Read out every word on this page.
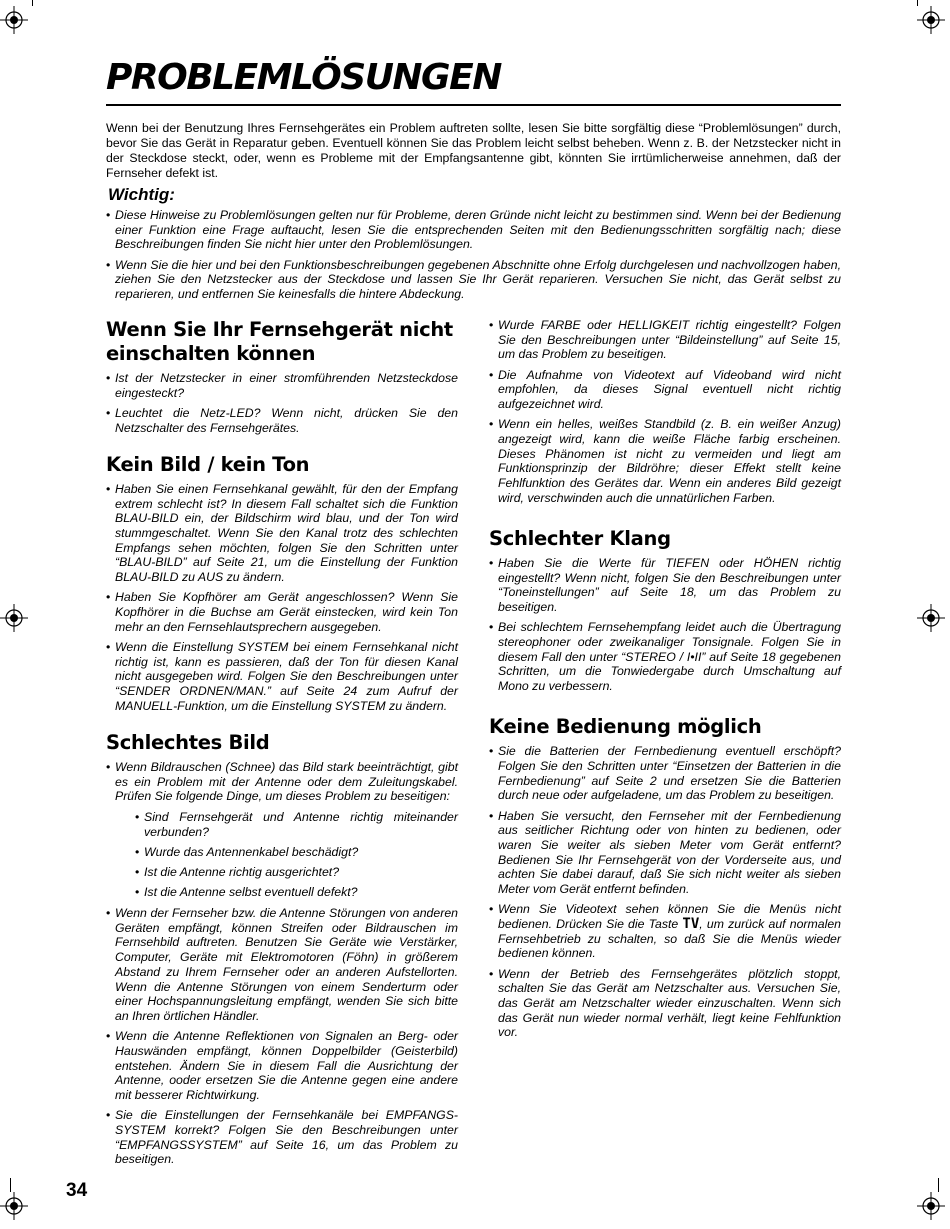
PROBLEMLÖSUNGEN

Wenn bei der Benutzung Ihres Fernsehgerätes ein Problem auftreten sollte, lesen Sie bitte sorgfältig diese “Problemlösungen” durch, bevor Sie das Gerät in Reparatur geben. Eventuell können Sie das Problem leicht selbst beheben. Wenn z. B. der Netzstecker nicht in der Steckdose steckt, oder, wenn es Probleme mit der Empfangsantenne gibt, könnten Sie irrtümlicherweise annehmen, daß der Fernseher defekt ist.

Wichtig:

• Diese Hinweise zu Problemlösungen gelten nur für Probleme, deren Gründe nicht leicht zu bestimmen sind. Wenn bei der Bedienung einer Funktion eine Frage auftaucht, lesen Sie die entsprechenden Seiten mit den Bedienungsschritten sorgfältig nach; diese Beschreibungen finden Sie nicht hier unter den Problemlösungen.
• Wenn Sie die hier und bei den Funktionsbeschreibungen gegebenen Abschnitte ohne Erfolg durchgelesen und nachvollzogen haben, ziehen Sie den Netzstecker aus der Steckdose und lassen Sie Ihr Gerät reparieren. Versuchen Sie nicht, das Gerät selbst zu reparieren, und entfernen Sie keinesfalls die hintere Abdeckung.
Wenn Sie Ihr Fernsehgerät nicht einschalten können
• Ist der Netzstecker in einer stromführenden Netzsteckdose eingesteckt?
• Leuchtet die Netz-LED? Wenn nicht, drücken Sie den Netzschalter des Fernsehgerätes.
Kein Bild / kein Ton
• Haben Sie einen Fernsehkanal gewählt, für den der Empfang extrem schlecht ist? In diesem Fall schaltet sich die Funktion BLAU-BILD ein, der Bildschirm wird blau, und der Ton wird stummgeschaltet. Wenn Sie den Kanal trotz des schlechten Empfangs sehen möchten, folgen Sie den Schritten unter “BLAU-BILD” auf Seite 21, um die Einstellung der Funktion BLAU-BILD zu AUS zu ändern.
• Haben Sie Kopfhörer am Gerät angeschlossen? Wenn Sie Kopfhörer in die Buchse am Gerät einstecken, wird kein Ton mehr an den Fernsehlautsprechern ausgegeben.
• Wenn die Einstellung SYSTEM bei einem Fernsehkanal nicht richtig ist, kann es passieren, daß der Ton für diesen Kanal nicht ausgegeben wird. Folgen Sie den Beschreibungen unter “SENDER ORDNEN/MAN.” auf Seite 24 zum Aufruf der MANUELL-Funktion, um die Einstellung SYSTEM zu ändern.
Schlechtes Bild
• Wenn Bildrauschen (Schnee) das Bild stark beeinträchtigt, gibt es ein Problem mit der Antenne oder dem Zuleitungskabel. Prüfen Sie folgende Dinge, um dieses Problem zu beseitigen:
• Sind Fernsehgerät und Antenne richtig miteinander verbunden?
• Wurde das Antennenkabel beschädigt?
• Ist die Antenne richtig ausgerichtet?
• Ist die Antenne selbst eventuell defekt?
• Wenn der Fernseher bzw. die Antenne Störungen von anderen Geräten empfängt, können Streifen oder Bildrauschen im Fernsehbild auftreten. Benutzen Sie Geräte wie Verstärker, Computer, Geräte mit Elektromotoren (Föhn) in größerem Abstand zu Ihrem Fernseher oder an anderen Aufstellorten. Wenn die Antenne Störungen von einem Senderturm oder einer Hochspannungsleitung empfängt, wenden Sie sich bitte an Ihren örtlichen Händler.
• Wenn die Antenne Reflektionen von Signalen an Berg- oder Hauswänden empfängt, können Doppelbilder (Geisterbild) entstehen. Ändern Sie in diesem Fall die Ausrichtung der Antenne, ooder ersetzen Sie die Antenne gegen eine andere mit besserer Richtwirkung.
• Sie die Einstellungen der Fernsehkanäle bei EMPFANGS-SYSTEM korrekt? Folgen Sie den Beschreibungen unter “EMPFANGSSYSTEM” auf Seite 16, um das Problem zu beseitigen.
• Wurde FARBE oder HELLIGKEIT richtig eingestellt? Folgen Sie den Beschreibungen unter “Bildeinstellung” auf Seite 15, um das Problem zu beseitigen.
• Die Aufnahme von Videotext auf Videoband wird nicht empfohlen, da dieses Signal eventuell nicht richtig aufgezeichnet wird.
• Wenn ein helles, weißes Standbild (z. B. ein weißer Anzug) angezeigt wird, kann die weiße Fläche farbig erscheinen. Dieses Phänomen ist nicht zu vermeiden und liegt am Funktionsprinzip der Bildröhre; dieser Effekt stellt keine Fehlfunktion des Gerätes dar. Wenn ein anderes Bild gezeigt wird, verschwinden auch die unnatürlichen Farben.
Schlechter Klang
• Haben Sie die Werte für TIEFEN oder HÖHEN richtig eingestellt? Wenn nicht, folgen Sie den Beschreibungen unter “Toneinstellungen” auf Seite 18, um das Problem zu beseitigen.
• Bei schlechtem Fernsehempfang leidet auch die Übertragung stereophoner oder zweikanaliger Tonsignale. Folgen Sie in diesem Fall den unter “STEREO / I•II” auf Seite 18 gegebenen Schritten, um die Tonwiedergabe durch Umschaltung auf Mono zu verbessern.
Keine Bedienung möglich
• Sie die Batterien der Fernbedienung eventuell erschöpft? Folgen Sie den Schritten unter “Einsetzen der Batterien in die Fernbedienung” auf Seite 2 und ersetzen Sie die Batterien durch neue oder aufgeladene, um das Problem zu beseitigen.
• Haben Sie versucht, den Fernseher mit der Fernbedienung aus seitlicher Richtung oder von hinten zu bedienen, oder waren Sie weiter als sieben Meter vom Gerät entfernt? Bedienen Sie Ihr Fernsehgerät von der Vorderseite aus, und achten Sie dabei darauf, daß Sie sich nicht weiter als sieben Meter vom Gerät entfernt befinden.
• Wenn Sie Videotext sehen können Sie die Menüs nicht bedienen. Drücken Sie die Taste TV, um zurück auf normalen Fernsehbetrieb zu schalten, so daß Sie die Menüs wieder bedienen können.
• Wenn der Betrieb des Fernsehgerätes plötzlich stoppt, schalten Sie das Gerät am Netzschalter aus. Versuchen Sie, das Gerät am Netzschalter wieder einzuschalten. Wenn sich das Gerät nun wieder normal verhält, liegt keine Fehlfunktion vor.

34
